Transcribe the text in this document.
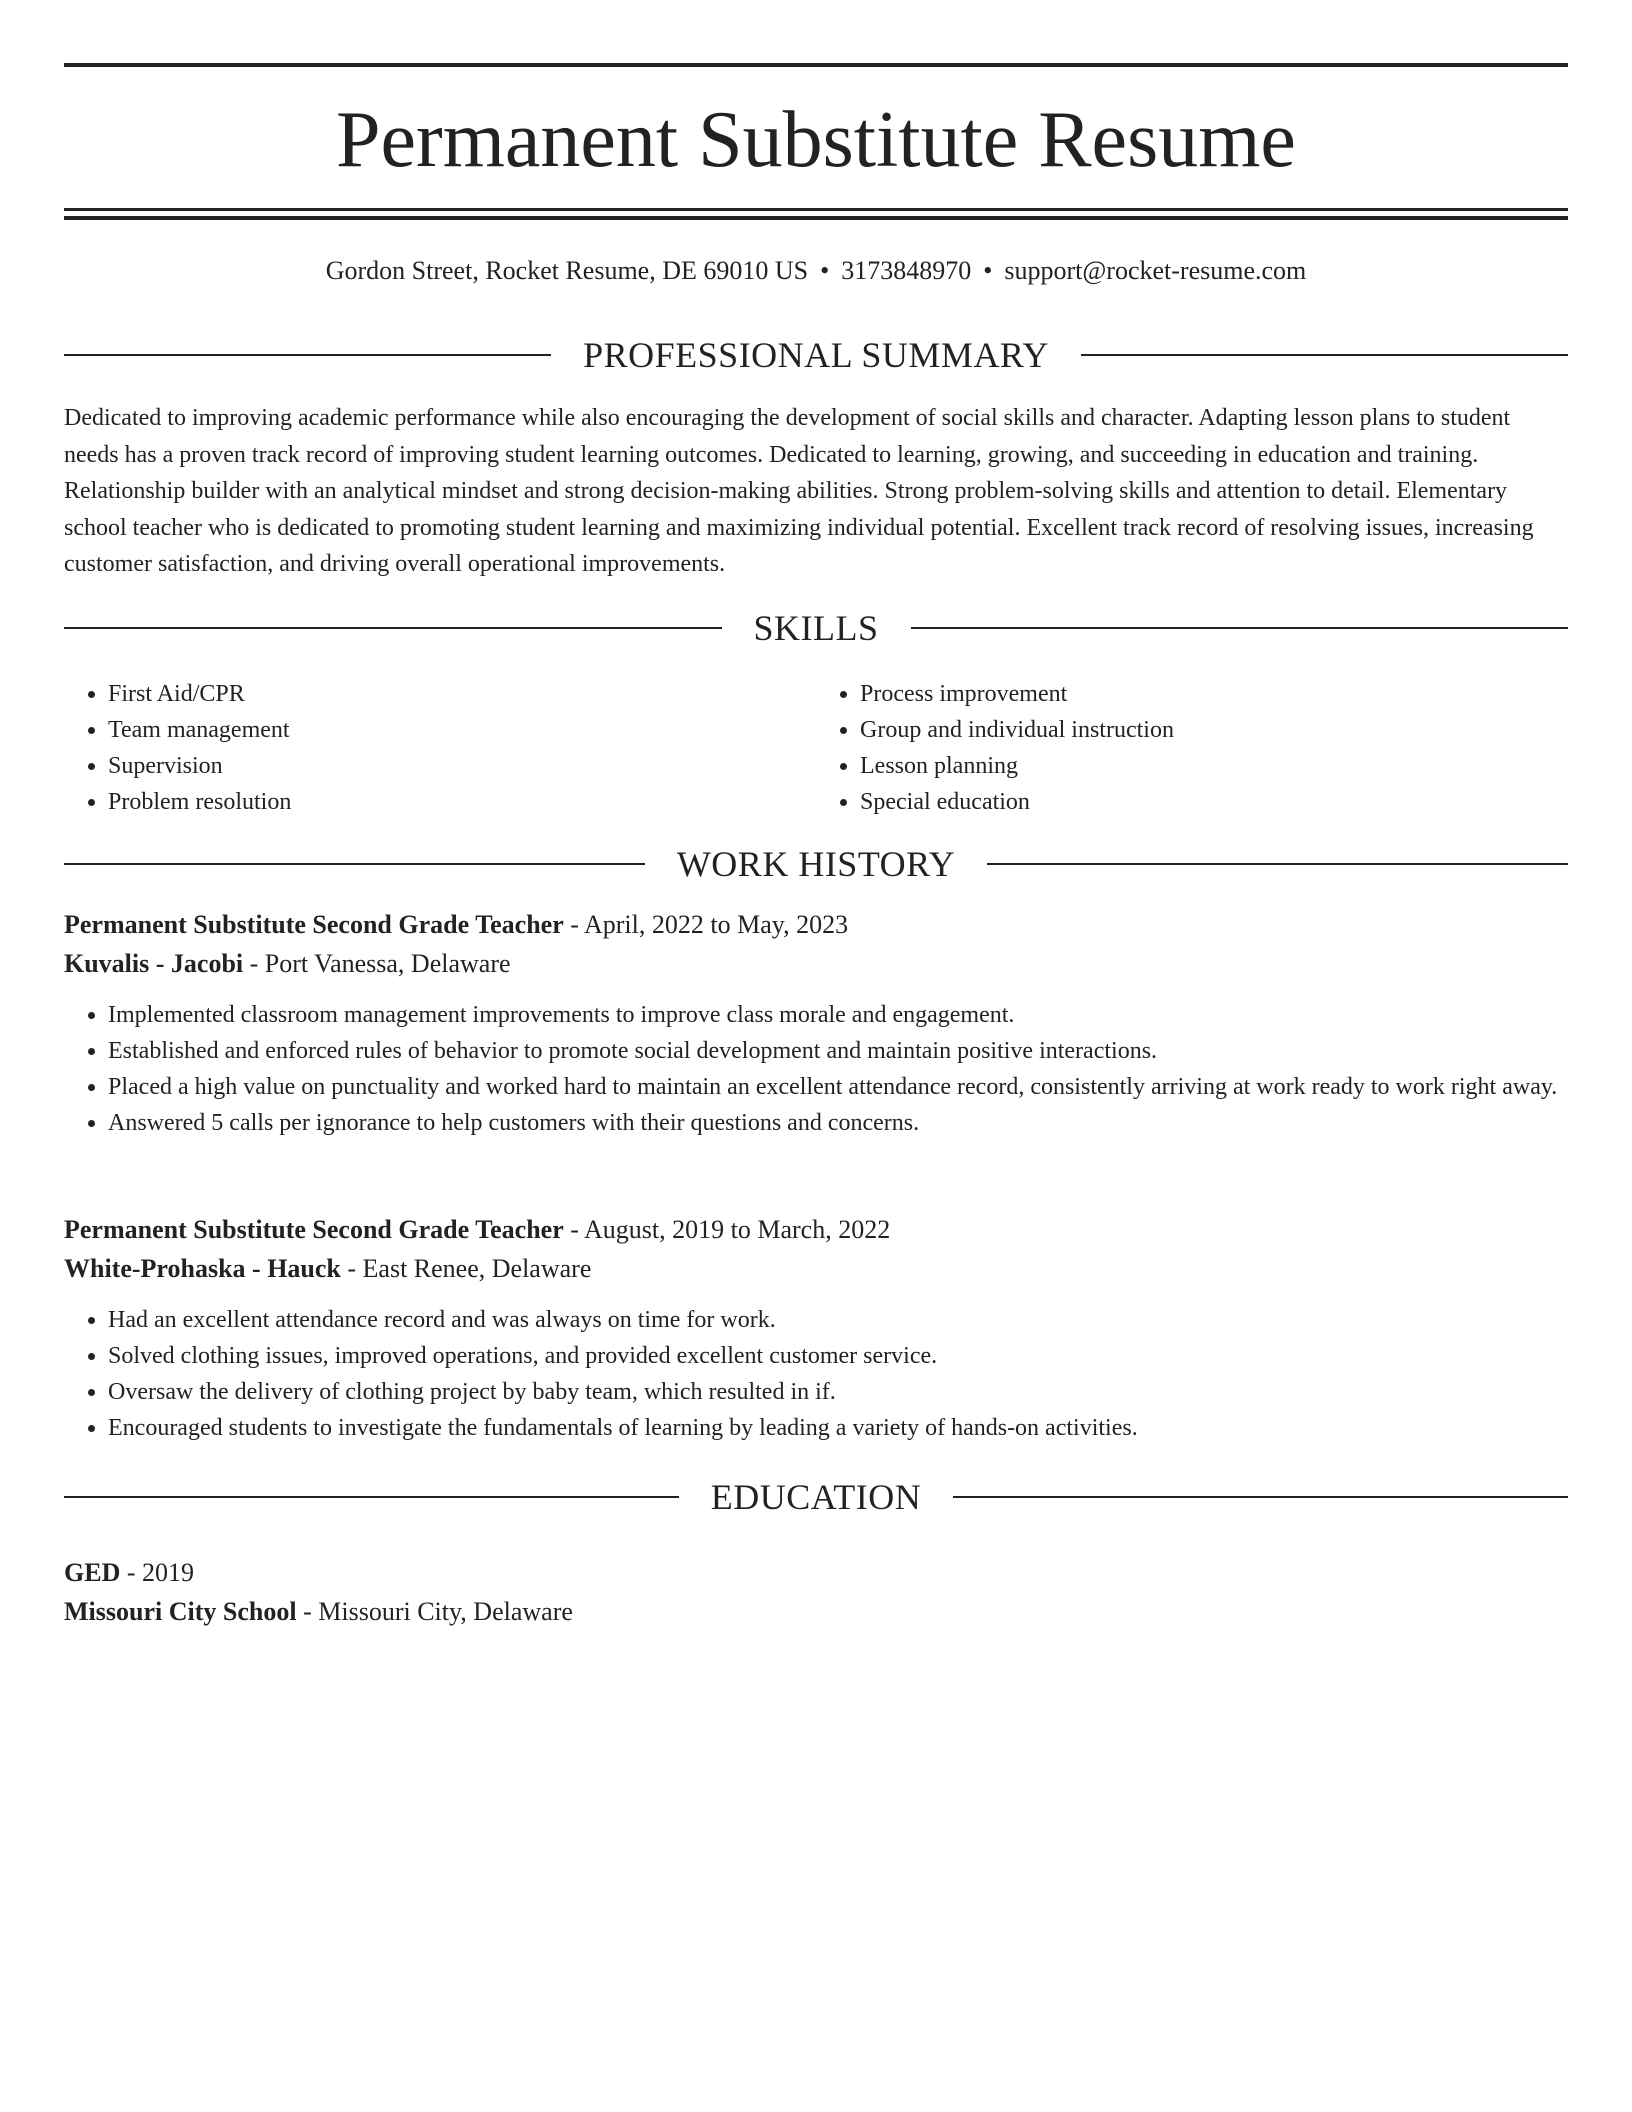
Permanent Substitute Resume
Gordon Street, Rocket Resume, DE 69010 US • 3173848970 • support@rocket-resume.com
PROFESSIONAL SUMMARY

Dedicated to improving academic performance while also encouraging the development of social skills and character. Adapting lesson plans to student needs has a proven track record of improving student learning outcomes. Dedicated to learning, growing, and succeeding in education and training. Relationship builder with an analytical mindset and strong decision-making abilities. Strong problem-solving skills and attention to detail. Elementary school teacher who is dedicated to promoting student learning and maximizing individual potential. Excellent track record of resolving issues, increasing customer satisfaction, and driving overall operational improvements.

SKILLS
• First Aid/CPR
• Team management
• Supervision
• Problem resolution
• Process improvement
• Group and individual instruction
• Lesson planning
• Special education
WORK HISTORY
Permanent Substitute Second Grade Teacher - April, 2022 to May, 2023
Kuvalis - Jacobi - Port Vanessa, Delaware
• Implemented classroom management improvements to improve class morale and engagement.
• Established and enforced rules of behavior to promote social development and maintain positive interactions.
• Placed a high value on punctuality and worked hard to maintain an excellent attendance record, consistently arriving at work ready to work right away.
• Answered 5 calls per ignorance to help customers with their questions and concerns.
Permanent Substitute Second Grade Teacher - August, 2019 to March, 2022
White-Prohaska - Hauck - East Renee, Delaware
• Had an excellent attendance record and was always on time for work.
• Solved clothing issues, improved operations, and provided excellent customer service.
• Oversaw the delivery of clothing project by baby team, which resulted in if.
• Encouraged students to investigate the fundamentals of learning by leading a variety of hands-on activities.
EDUCATION
GED - 2019
Missouri City School - Missouri City, Delaware
